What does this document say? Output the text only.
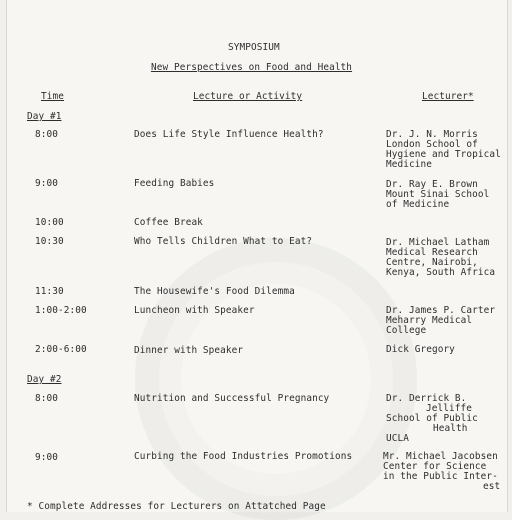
SYMPOSIUM
New Perspectives on Food and Health
Time	Lecture or Activity	Lecturer*
Day #1
8:00	Does Life Style Influence Health?	Dr. J. N. Morris
London School of
Hygiene and Tropical
Medicine
9:00	Feeding Babies	Dr. Ray E. Brown
Mount Sinai School
of Medicine
10:00	Coffee Break
10:30	Who Tells Children What to Eat?	Dr. Michael Latham
Medical Research
Centre, Nairobi,
Kenya, South Africa
11:30	The Housewife's Food Dilemma
1:00-2:00	Luncheon with Speaker	Dr. James P. Carter
Meharry Medical
College
2:00-6:00	Dinner with Speaker	Dick Gregory
Day #2
8:00	Nutrition and Successful Pregnancy	Dr. Derrick B.
Jelliffe
School of Public
Health
UCLA
9:00	Curbing the Food Industries Promotions	Mr. Michael Jacobsen
Center for Science
in the Public Inter-
est
* Complete Addresses for Lecturers on Attatched Page
